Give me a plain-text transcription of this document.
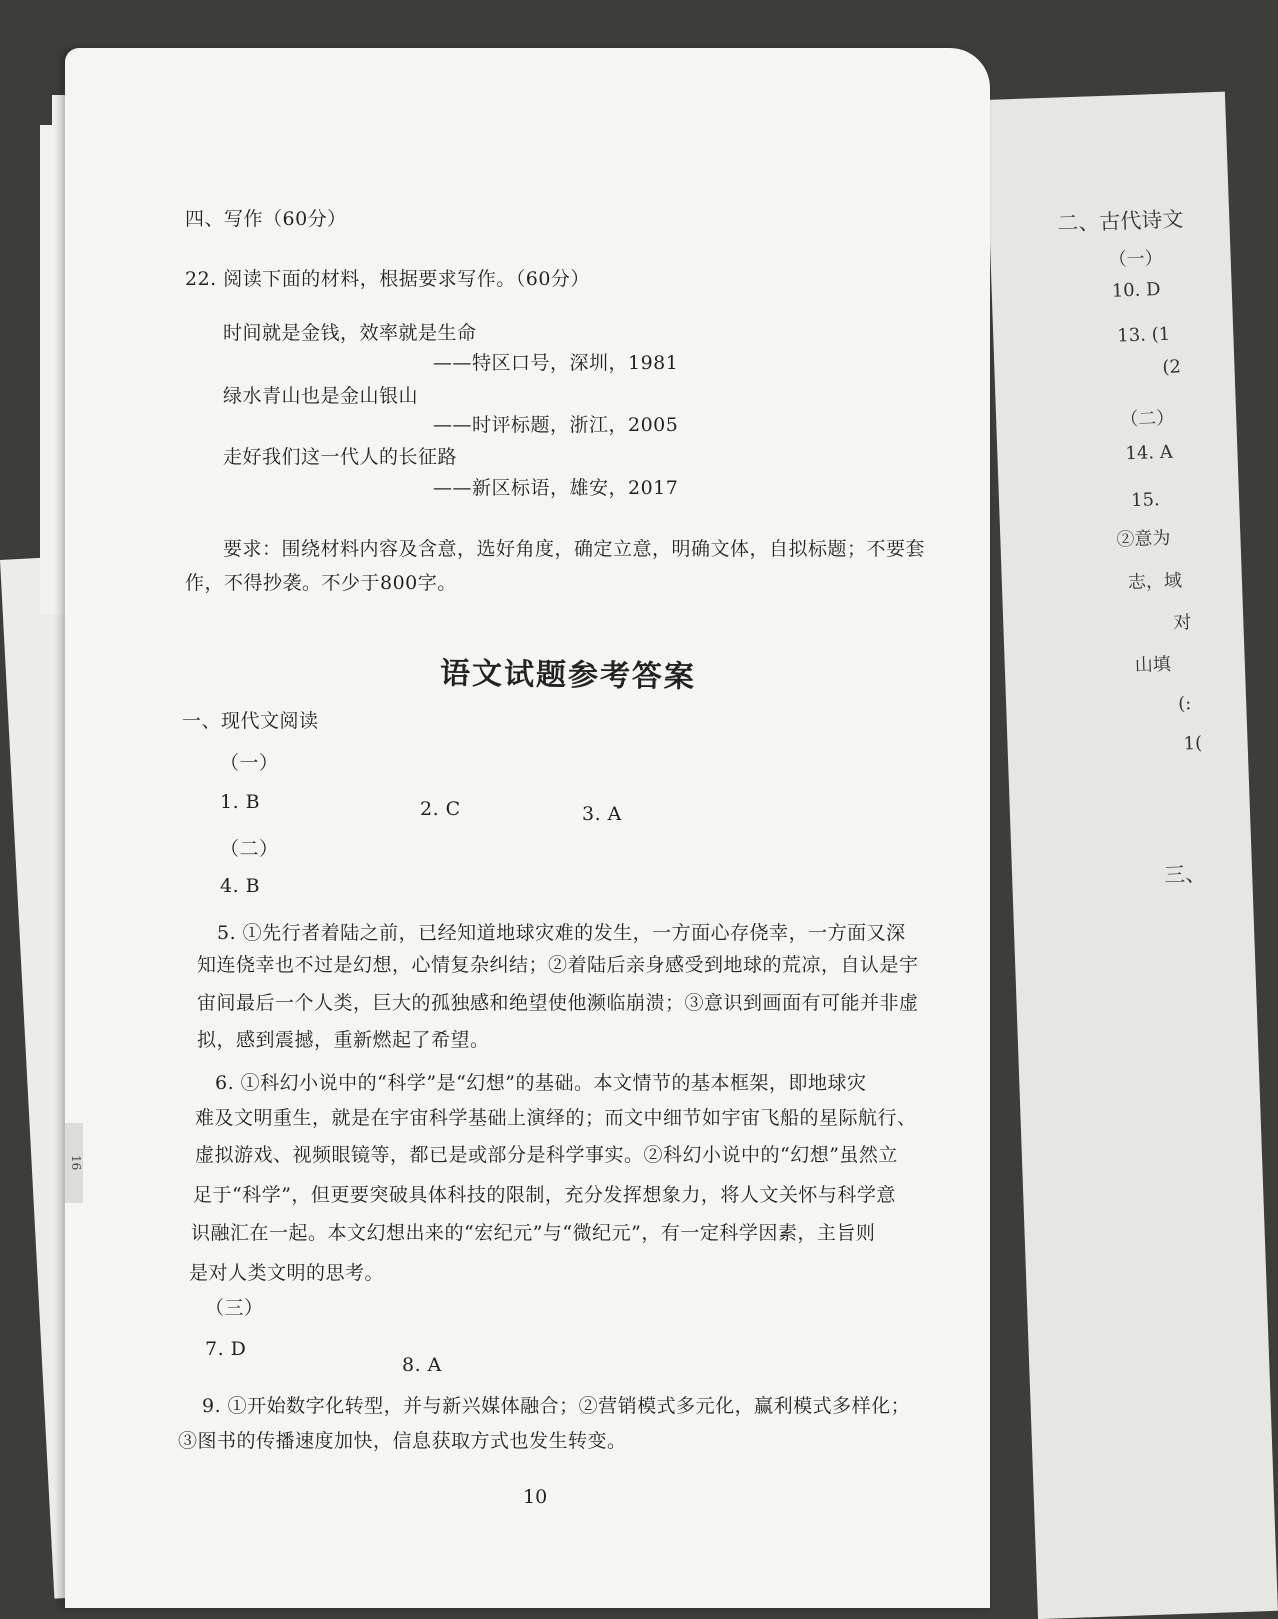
二、古代诗文
（一）
10. D
13. (1
(2
（二）
14. A
15.
②意为
志，域
对
山填
(:
1(
三、
四、写作（60分）
22. 阅读下面的材料，根据要求写作。（60分）
时间就是金钱，效率就是生命
——特区口号，深圳，1981
绿水青山也是金山银山
——时评标题，浙江，2005
走好我们这一代人的长征路
——新区标语，雄安，2017
要求：围绕材料内容及含意，选好角度，确定立意，明确文体，自拟标题；不要套
作，不得抄袭。不少于800字。
语文试题参考答案
一、现代文阅读
（一）
1. B	2. C	3. A
（二）
4. B
5. ①先行者着陆之前，已经知道地球灾难的发生，一方面心存侥幸，一方面又深
知连侥幸也不过是幻想，心情复杂纠结；②着陆后亲身感受到地球的荒凉，自认是宇
宙间最后一个人类，巨大的孤独感和绝望使他濒临崩溃；③意识到画面有可能并非虚
拟，感到震撼，重新燃起了希望。
6. ①科幻小说中的“科学”是“幻想”的基础。本文情节的基本框架，即地球灾
难及文明重生，就是在宇宙科学基础上演绎的；而文中细节如宇宙飞船的星际航行、
虚拟游戏、视频眼镜等，都已是或部分是科学事实。②科幻小说中的“幻想”虽然立
足于“科学”，但更要突破具体科技的限制，充分发挥想象力，将人文关怀与科学意
识融汇在一起。本文幻想出来的“宏纪元”与“微纪元”，有一定科学因素，主旨则
是对人类文明的思考。
（三）
7. D
8. A
9. ①开始数字化转型，并与新兴媒体融合；②营销模式多元化，赢利模式多样化；
③图书的传播速度加快，信息获取方式也发生转变。
10
16
